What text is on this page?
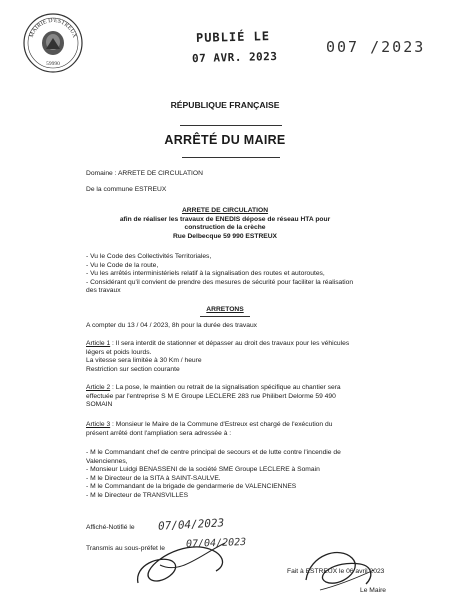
MAIRIE D'ESTREUX
59990
PUBLIÉ LE
07 AVR. 2023
007 /2023
RÉPUBLIQUE FRANÇAISE
ARRÊTÉ DU MAIRE
Domaine : ARRETE DE CIRCULATION
De la commune ESTREUX
ARRETE DE CIRCULATION
afin de réaliser les travaux de ENEDIS dépose de réseau HTA pour
construction de la crèche
Rue Delbecque 59 990 ESTREUX
- Vu le Code des Collectivités Territoriales,
- Vu le Code de la route,
- Vu les arrêtés interministériels relatif à la signalisation des routes et autoroutes,
- Considérant qu'il convient de prendre des mesures de sécurité pour faciliter la réalisation
des travaux
ARRETONS
A compter du 13 / 04 / 2023, 8h pour la durée des travaux
Article 1 : Il sera interdit de stationner et dépasser au droit des travaux pour les véhicules
légers et poids lourds.
La vitesse sera limitée à 30 Km / heure
Restriction sur section courante
Article 2 : La pose, le maintien ou retrait de la signalisation spécifique au chantier sera
effectuée par l'entreprise S M E Groupe LECLERE 283 rue Philibert Delorme 59 490
SOMAIN
Article 3 : Monsieur le Maire de la Commune d'Estreux est chargé de l'exécution du
présent arrêté dont l'ampliation sera adressée à :
- M le Commandant chef de centre principal de secours et de lutte contre l'incendie de
Valenciennes,
- Monsieur Luidgi BENASSENI de la société SME Groupe LECLERE à Somain
- M le Directeur de la SITA à SAINT-SAULVE.
- M le Commandant de la brigade de gendarmerie de VALENCIENNES
- M le Directeur de TRANSVILLES
Affiché-Notifié le 07/04/2023
Transmis au sous-préfet le 07/04/2023
Fait à ESTREUX le 06 avril 2023
Le Maire
